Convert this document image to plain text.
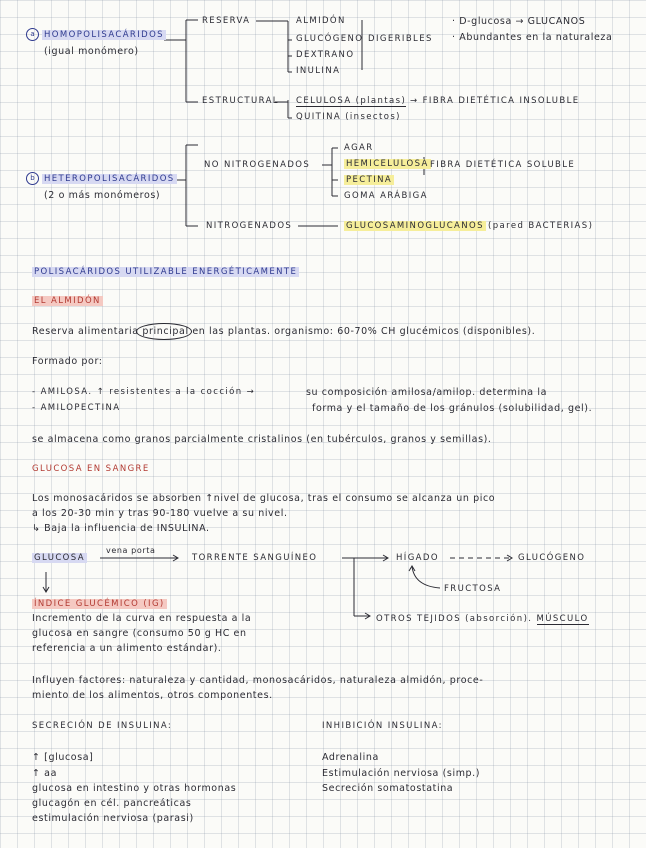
a	HOMOPOLISACÁRIDOS
(igual monómero)
RESERVA	ALMIDÓN
GLUCÓGENO
DEXTRANO
INULINA
DIGERIBLES
· D-glucosa → GLUCANOS
· Abundantes en la naturaleza
ESTRUCTURAL CELULOSA (plantas)
QUITINA (insectos)
→ FIBRA DIETÉTICA INSOLUBLE
b	HETEROPOLISACÁRIDOS
(2 o más monómeros)
NO NITROGENADOS
AGAR
HEMICELULOSA
PECTINA
GOMA ARÁBIGA
FIBRA DIETÉTICA SOLUBLE
NITROGENADOS	GLUCOSAMINOGLUCANOS (pared BACTERIAS)
POLISACÁRIDOS UTILIZABLE ENERGÉTICAMENTE
EL ALMIDÓN
Reserva alimentaria principal en las plantas. organismo: 60-70% CH glucémicos (disponibles).
Formado por:
- AMILOSA. ↑ resistentes a la cocción →
- AMILOPECTINA
su composición amilosa/amilop. determina la
forma y el tamaño de los gránulos (solubilidad, gel).
se almacena como granos parcialmente cristalinos (en tubérculos, granos y semillas).
GLUCOSA EN SANGRE
Los monosacáridos se absorben ↑nivel de glucosa, tras el consumo se alcanza un pico
a los 20-30 min y tras 90-180 vuelve a su nivel.
↳ Baja la influencia de INSULINA.
GLUCOSA
vena porta
TORRENTE SANGUÍNEO	HÍGADO	GLUCÓGENO
FRUCTOSA
OTROS TEJIDOS (absorción). MÚSCULO
ÍNDICE GLUCÉMICO (IG)
Incremento de la curva en respuesta a la
glucosa en sangre (consumo 50 g HC en
referencia a un alimento estándar).
Influyen factores: naturaleza y cantidad, monosacáridos, naturaleza almidón, proce-
miento de los alimentos, otros componentes.
SECRECIÓN DE INSULINA:
↑ [glucosa]
↑ aa
glucosa en intestino y otras hormonas
glucagón en cél. pancreáticas
estimulación nerviosa (parasi)
INHIBICIÓN INSULINA:
Adrenalina
Estimulación nerviosa (simp.)
Secreción somatostatina
